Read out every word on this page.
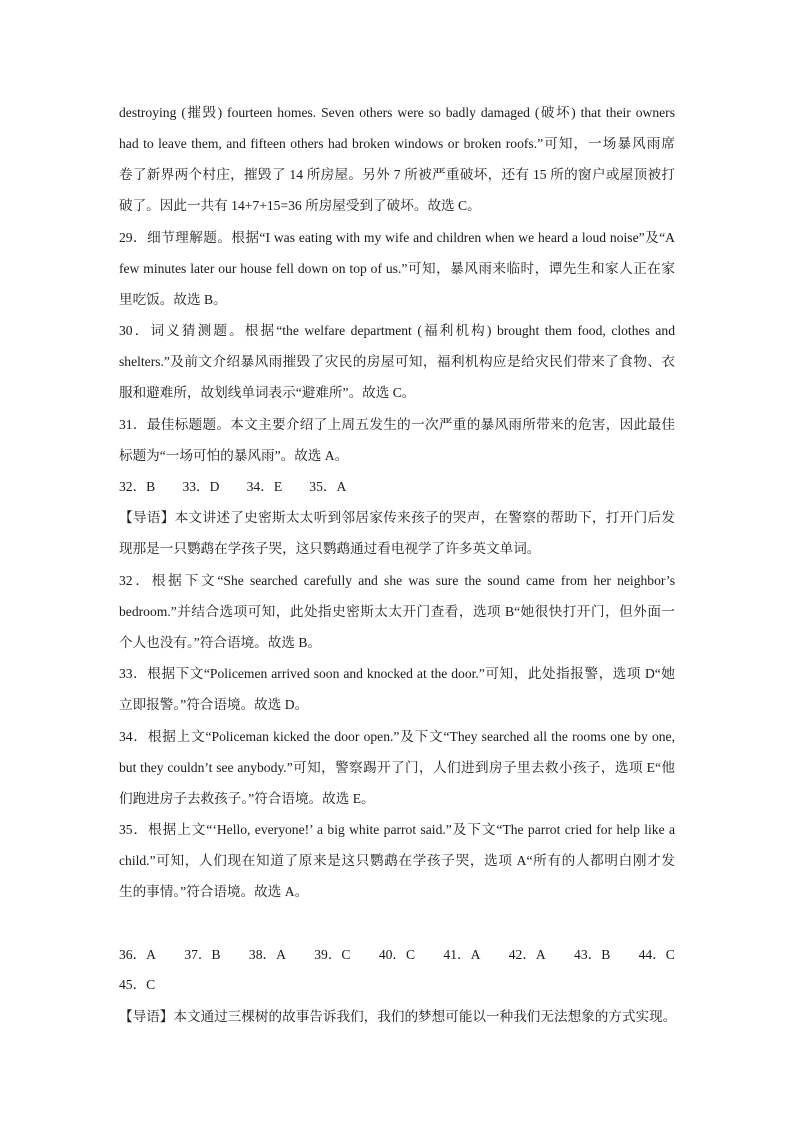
destroying (摧毁) fourteen homes. Seven others were so badly damaged (破坏) that their owners
had to leave them, and fifteen others had broken windows or broken roofs.”可知，一场暴风雨席
卷了新界两个村庄，摧毁了 14 所房屋。另外 7 所被严重破坏，还有 15 所的窗户或屋顶被打
破了。因此一共有 14+7+15=36 所房屋受到了破坏。故选 C。
29．细节理解题。根据“I was eating with my wife and children when we heard a loud noise”及“A
few minutes later our house fell down on top of us.”可知，暴风雨来临时，谭先生和家人正在家
里吃饭。故选 B。
30．词义猜测题。根据“the welfare department (福利机构) brought them food, clothes and
shelters.”及前文介绍暴风雨摧毁了灾民的房屋可知，福利机构应是给灾民们带来了食物、衣
服和避难所，故划线单词表示“避难所”。故选 C。
31．最佳标题题。本文主要介绍了上周五发生的一次严重的暴风雨所带来的危害，因此最佳
标题为“一场可怕的暴风雨”。故选 A。
32．B　　33．D　　34．E　　35．A
【导语】本文讲述了史密斯太太听到邻居家传来孩子的哭声，在警察的帮助下，打开门后发
现那是一只鹦鹉在学孩子哭，这只鹦鹉通过看电视学了许多英文单词。
32．根据下文“She searched carefully and she was sure the sound came from her neighbor’s
bedroom.”并结合选项可知，此处指史密斯太太开门查看，选项 B“她很快打开门，但外面一
个人也没有。”符合语境。故选 B。
33．根据下文“Policemen arrived soon and knocked at the door.”可知，此处指报警，选项 D“她
立即报警。”符合语境。故选 D。
34．根据上文“Policeman kicked the door open.”及下文“They searched all the rooms one by one,
but they couldn’t see anybody.”可知，警察踢开了门，人们进到房子里去救小孩子，选项 E“他
们跑进房子去救孩子。”符合语境。故选 E。
35．根据上文“‘Hello, everyone!’ a big white parrot said.”及下文“The parrot cried for help like a
child.”可知，人们现在知道了原来是这只鹦鹉在学孩子哭，选项 A“所有的人都明白刚才发
生的事情。”符合语境。故选 A。
36．A 37．B 38．A 39．C 40．C 41．A 42．A 43．B 44．C
45．C
【导语】本文通过三棵树的故事告诉我们，我们的梦想可能以一种我们无法想象的方式实现。
